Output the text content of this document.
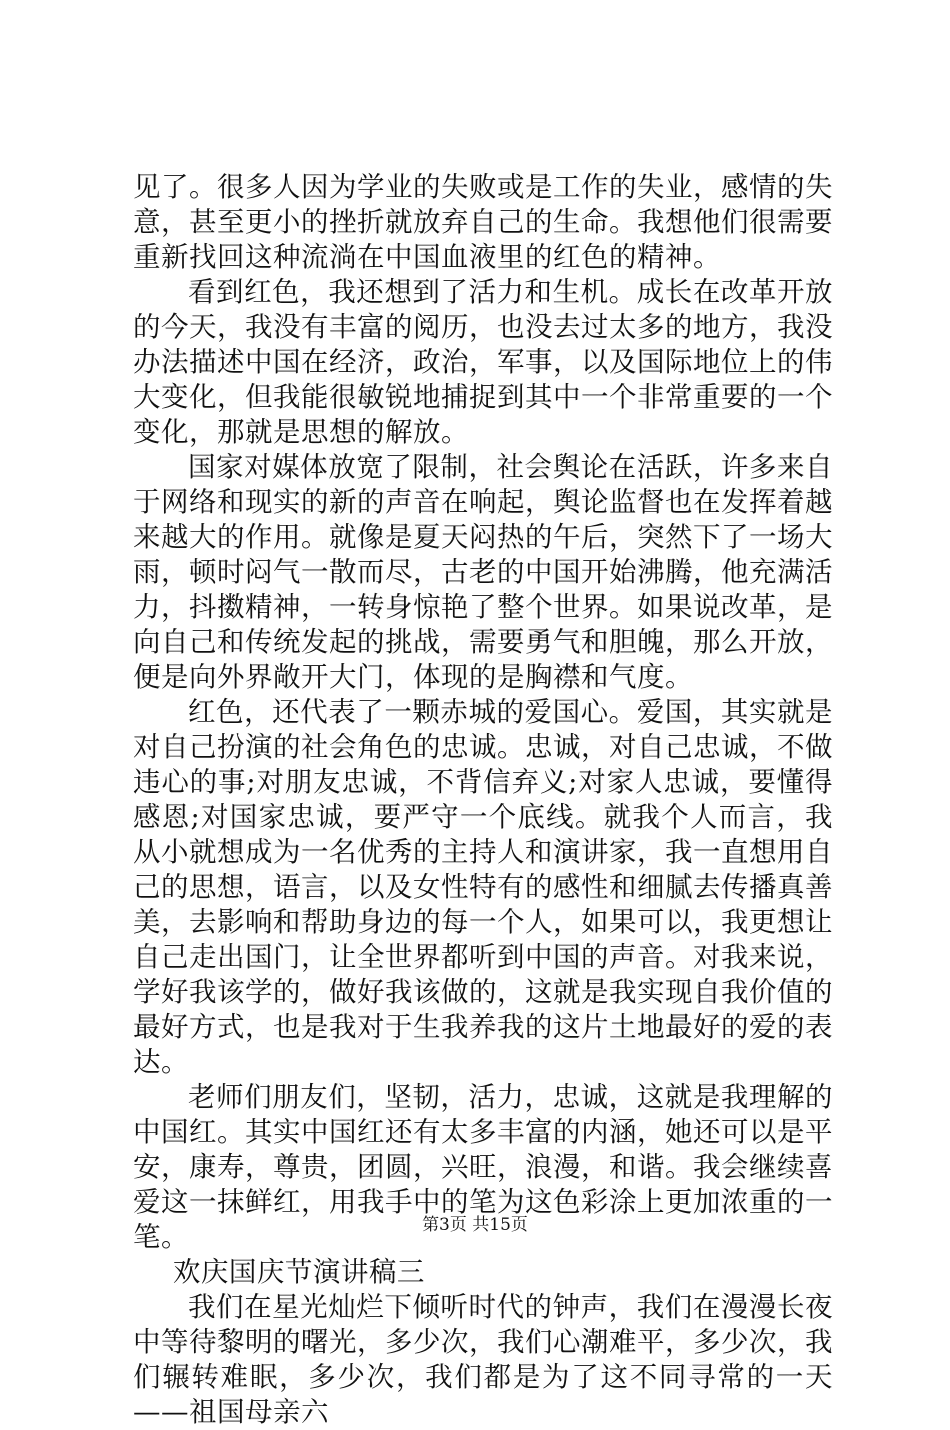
见了。很多人因为学业的失败或是工作的失业，感情的失意，甚至更小的挫折就放弃自己的生命。我想他们很需要重新找回这种流淌在中国血液里的红色的精神。

看到红色，我还想到了活力和生机。成长在改革开放的今天，我没有丰富的阅历，也没去过太多的地方，我没办法描述中国在经济，政治，军事，以及国际地位上的伟大变化，但我能很敏锐地捕捉到其中一个非常重要的一个变化，那就是思想的解放。

国家对媒体放宽了限制，社会舆论在活跃，许多来自于网络和现实的新的声音在响起，舆论监督也在发挥着越来越大的作用。就像是夏天闷热的午后，突然下了一场大雨，顿时闷气一散而尽，古老的中国开始沸腾，他充满活力，抖擞精神，一转身惊艳了整个世界。如果说改革，是向自己和传统发起的挑战，需要勇气和胆魄，那么开放，便是向外界敞开大门，体现的是胸襟和气度。

红色，还代表了一颗赤城的爱国心。爱国，其实就是对自己扮演的社会角色的忠诚。忠诚，对自己忠诚，不做违心的事;对朋友忠诚，不背信弃义;对家人忠诚，要懂得感恩;对国家忠诚，要严守一个底线。就我个人而言，我从小就想成为一名优秀的主持人和演讲家，我一直想用自己的思想，语言，以及女性特有的感性和细腻去传播真善美，去影响和帮助身边的每一个人，如果可以，我更想让自己走出国门，让全世界都听到中国的声音。对我来说，学好我该学的，做好我该做的，这就是我实现自我价值的最好方式，也是我对于生我养我的这片土地最好的爱的表达。

老师们朋友们，坚韧，活力，忠诚，这就是我理解的中国红。其实中国红还有太多丰富的内涵，她还可以是平安，康寿，尊贵，团圆，兴旺，浪漫，和谐。我会继续喜爱这一抹鲜红，用我手中的笔为这色彩涂上更加浓重的一笔。

欢庆国庆节演讲稿三

我们在星光灿烂下倾听时代的钟声，我们在漫漫长夜中等待黎明的曙光，多少次，我们心潮难平，多少次，我们辗转难眠，多少次，我们都是为了这不同寻常的一天——祖国母亲六

第3页 共15页
